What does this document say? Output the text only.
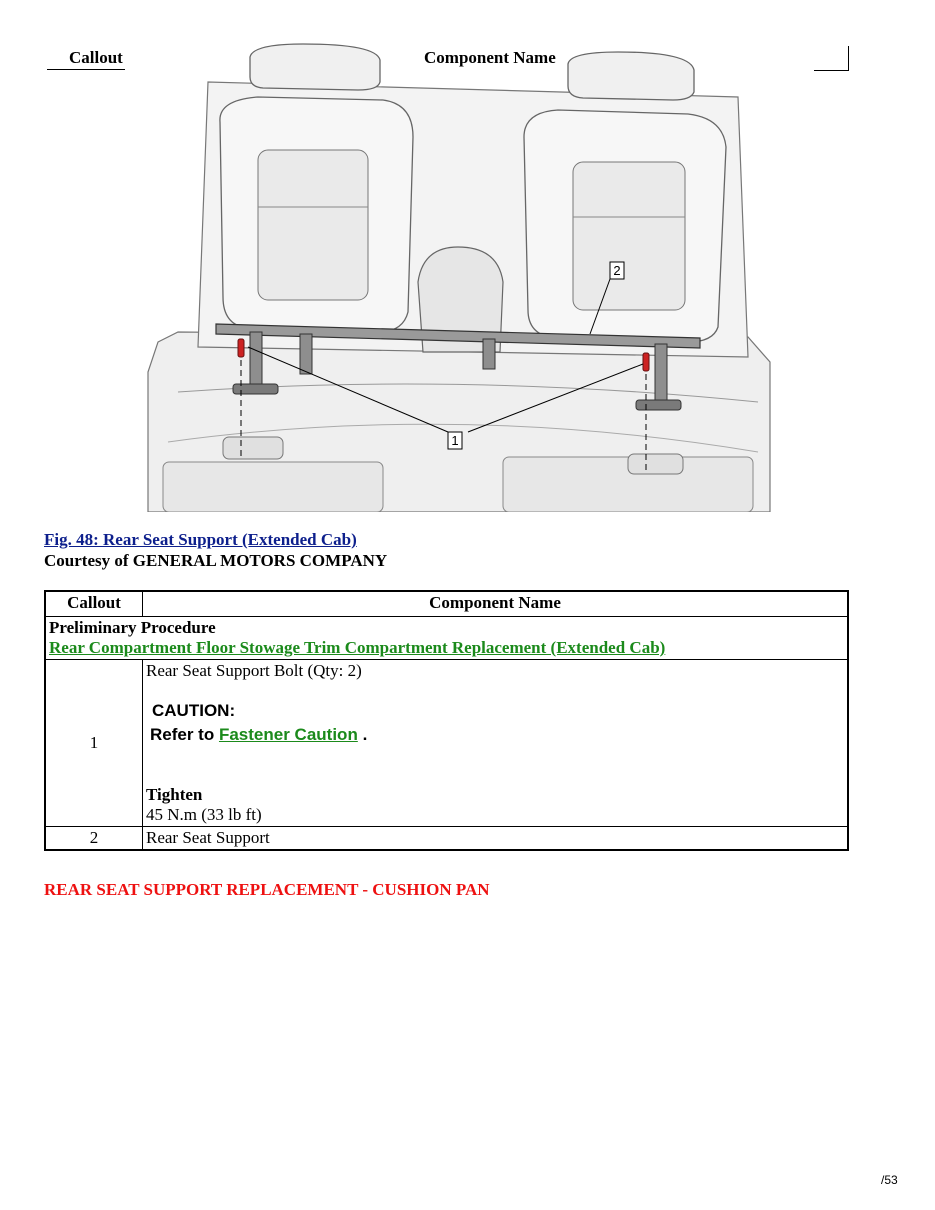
Callout	Component Name
2
1
Fig. 48: Rear Seat Support (Extended Cab)
Courtesy of GENERAL MOTORS COMPANY
Callout	Component Name

Preliminary Procedure
Rear Compartment Floor Stowage Trim Compartment Replacement (Extended Cab)	
1	Rear Seat Support Bolt (Qty: 2)
CAUTION:
Refer to Fastener Caution .
Tighten
45 N.m (33 lb ft)

2	Rear Seat Support
REAR SEAT SUPPORT REPLACEMENT - CUSHION PAN
/53
